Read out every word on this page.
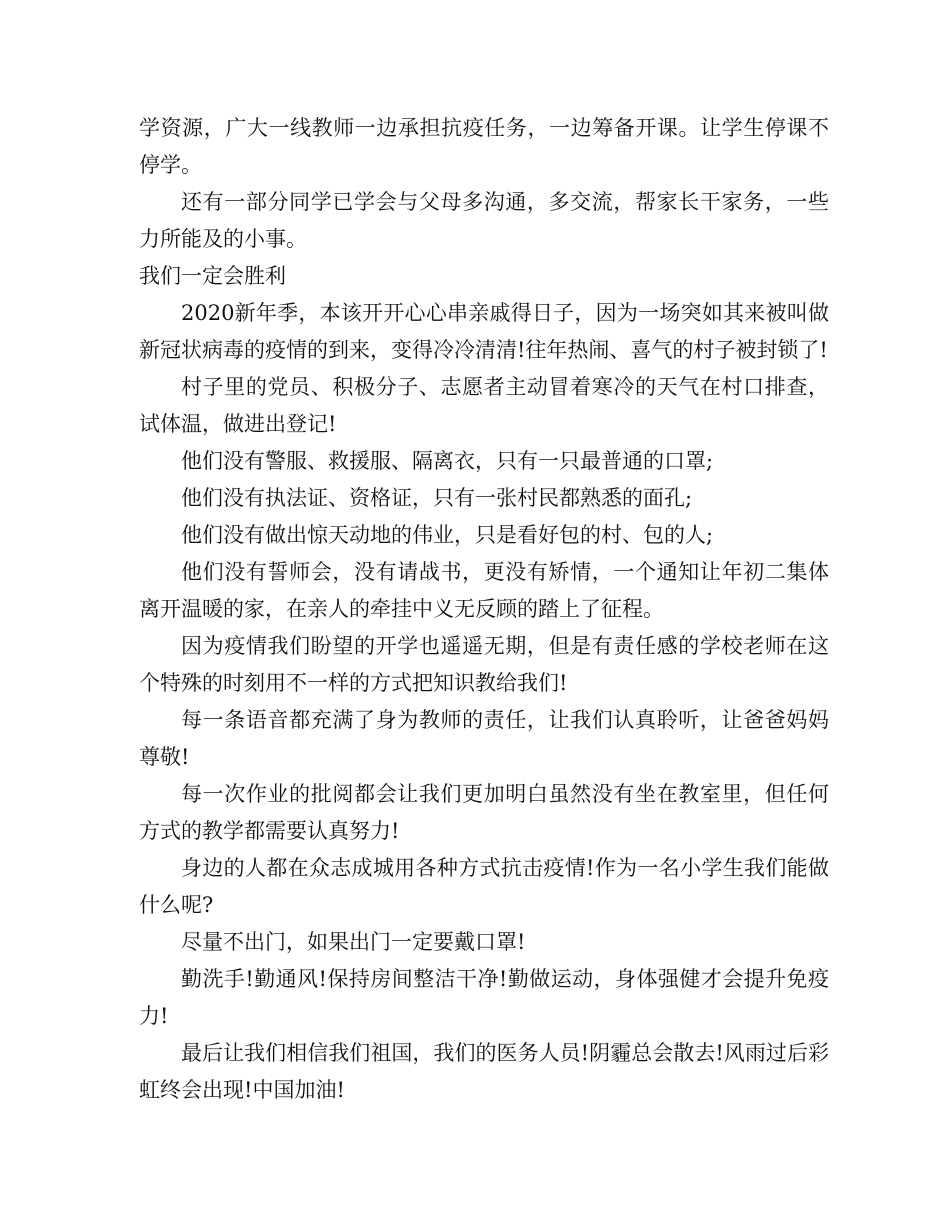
学资源，广大一线教师一边承担抗疫任务，一边筹备开课。让学生停课不停学。

还有一部分同学已学会与父母多沟通，多交流，帮家长干家务，一些力所能及的小事。

我们一定会胜利

2020新年季，本该开开心心串亲戚得日子，因为一场突如其来被叫做新冠状病毒的疫情的到来，变得冷冷清清!往年热闹、喜气的村子被封锁了!

村子里的党员、积极分子、志愿者主动冒着寒冷的天气在村口排查，试体温，做进出登记!

他们没有警服、救援服、隔离衣，只有一只最普通的口罩;

他们没有执法证、资格证，只有一张村民都熟悉的面孔;

他们没有做出惊天动地的伟业，只是看好包的村、包的人;

他们没有誓师会，没有请战书，更没有矫情，一个通知让年初二集体离开温暖的家，在亲人的牵挂中义无反顾的踏上了征程。

因为疫情我们盼望的开学也遥遥无期，但是有责任感的学校老师在这个特殊的时刻用不一样的方式把知识教给我们!

每一条语音都充满了身为教师的责任，让我们认真聆听，让爸爸妈妈尊敬!

每一次作业的批阅都会让我们更加明白虽然没有坐在教室里，但任何方式的教学都需要认真努力!

身边的人都在众志成城用各种方式抗击疫情!作为一名小学生我们能做什么呢?

尽量不出门，如果出门一定要戴口罩!

勤洗手!勤通风!保持房间整洁干净!勤做运动，身体强健才会提升免疫力!

最后让我们相信我们祖国，我们的医务人员!阴霾总会散去!风雨过后彩虹终会出现!中国加油!
